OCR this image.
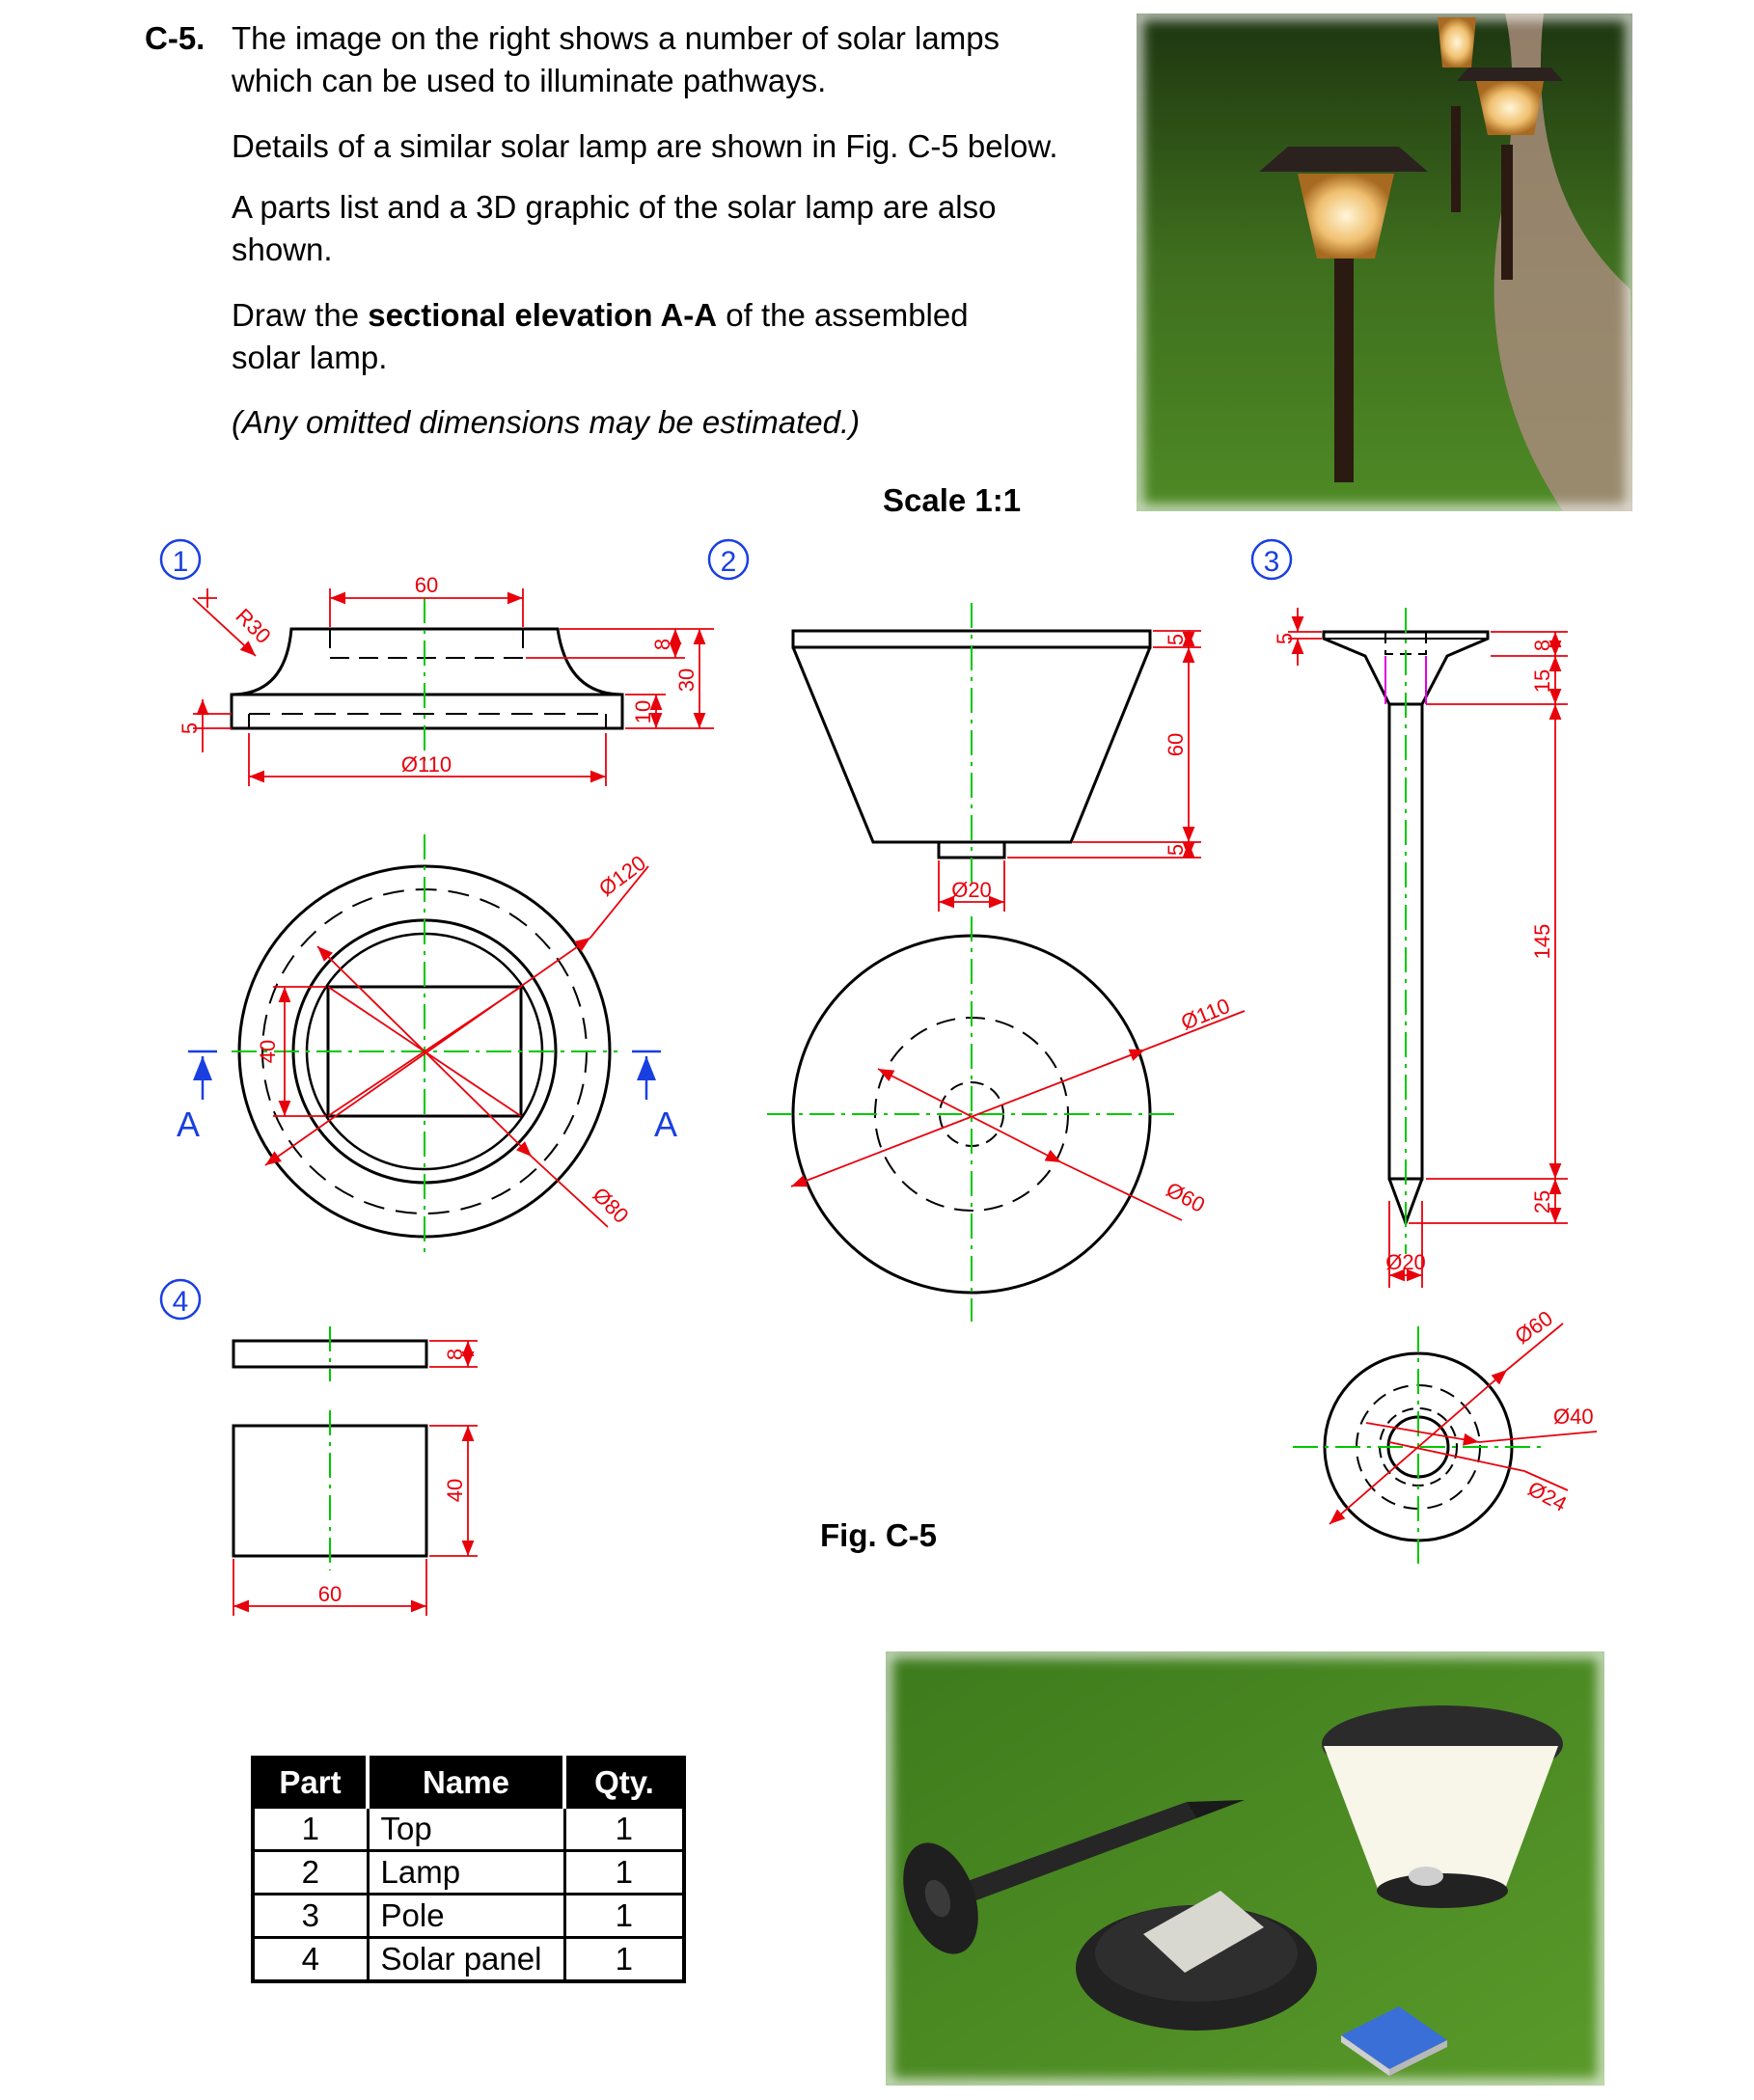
C-5. The image on the right shows a number of solar lamps which can be used to illuminate pathways.
Details of a similar solar lamp are shown in Fig. C-5 below.
A parts list and a 3D graphic of the solar lamp are also shown.
Draw the sectional elevation A-A of the assembled solar lamp.
(Any omitted dimensions may be estimated.)
Scale 1:1
Fig. C-5
1	2	3
4
60
Ø110
R30
5
8
30
10
Ø120
Ø80
40
A	A
5
60
5
Ø20
Ø110
Ø60
5
8
15
145
25
Ø20
Ø60
Ø40
Ø24
8
40
60
Part	Name	Qty.
1	Top	1
2	Lamp	1
3	Pole	1
4	Solar panel	1
